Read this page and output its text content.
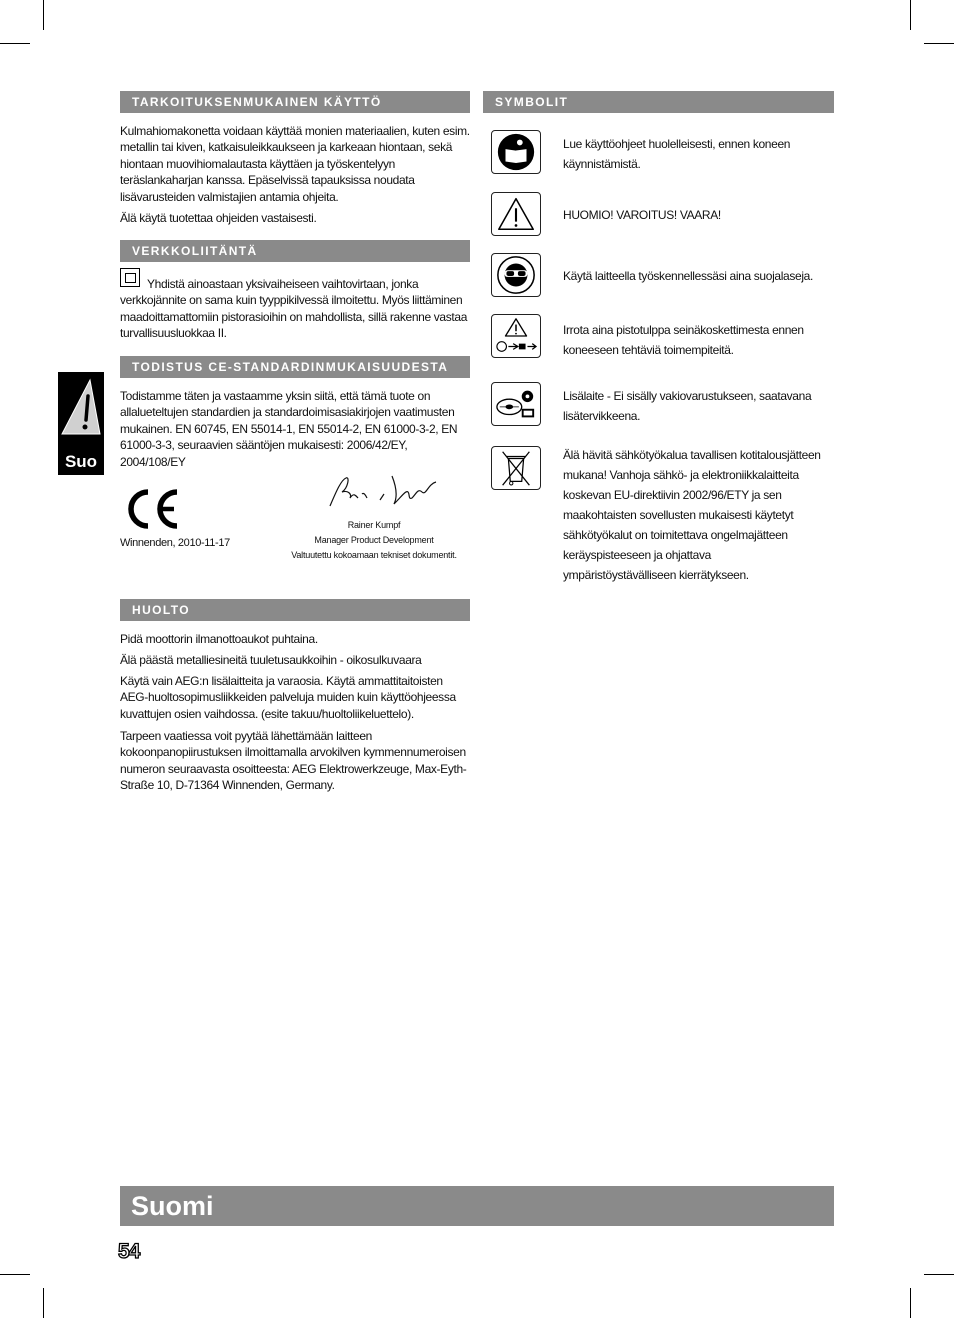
TARKOITUKSENMUKAINEN KÄYTTÖ

Kulmahiomakonetta voidaan käyttää monien materiaalien, kuten esim. metallin tai kiven, katkaisuleikkaukseen ja karkeaan hiontaan, sekä hiontaan muovihiomalautasta käyttäen ja työskentelyyn teräslankaharjan kanssa. Epäselvissä tapauksissa noudata lisävarusteiden valmistajien antamia ohjeita.

Älä käytä tuotettaa ohjeiden vastaisesti.

VERKKOLIITÄNTÄ

Yhdistä ainoastaan yksivaiheiseen vaihtovirtaan, jonka verkkojännite on sama kuin tyyppikilvessä ilmoitettu. Myös liittäminen maadoittamattomiin pistorasioihin on mahdollista, sillä rakenne vastaa turvallisuusluokkaa II.

TODISTUS CE-STANDARDINMUKAISUUDESTA

Todistamme täten ja vastaamme yksin siitä, että tämä tuote on allalueteltujen standardien ja standardoimisasiakirjojen vaatimusten mukainen. EN 60745, EN 55014-1, EN 55014-2, EN 61000-3-2, EN 61000-3-3, seuraavien sääntöjen mukaisesti: 2006/42/EY, 2004/108/EY

Winnenden, 2010-11-17
Rainer Kumpf
Manager Product Development
Valtuutettu kokoamaan tekniset dokumentit.
HUOLTO

Pidä moottorin ilmanottoaukot puhtaina.

Älä päästä metalliesineitä tuuletusaukkoihin - oikosulkuvaara

Käytä vain AEG:n lisälaitteita ja varaosia. Käytä ammattitaitoisten AEG-huoltosopimusliikkeiden palveluja muiden kuin käyttöohjeessa kuvattujen osien vaihdossa. (esite takuu/huoltoliikeluettelo).

Tarpeen vaatiessa voit pyytää lähettämään laitteen kokoonpanopiirustuksen ilmoittamalla arvokilven kymmennumeroisen numeron seuraavasta osoitteesta: AEG Elektrowerkzeuge, Max-Eyth-Straße 10, D-71364 Winnenden, Germany.

SYMBOLIT

Lue käyttöohjeet huolelleisesti, ennen koneen käynnistämistä.

HUOMIO! VAROITUS! VAARA!

Käytä laitteella työskennellessäsi aina suojalaseja.

Irrota aina pistotulppa seinäkoskettimesta ennen koneeseen tehtäviä toimempiteitä.

Lisälaite - Ei sisälly vakiovarustukseen, saatavana lisätervikkeena.

Älä hävitä sähkötyökalua tavallisen kotitalousjätteen mukana! Vanhoja sähkö- ja elektroniikkalaitteita koskevan EU-direktiivin 2002/96/ETY ja sen maakohtaisten sovellusten mukaisesti käytetyt sähkötyökalut on toimitettava ongelmajätteen keräyspisteeseen ja ohjattava ympäristöystävälliseen kierrätykseen.

Suo
Suomi
54
